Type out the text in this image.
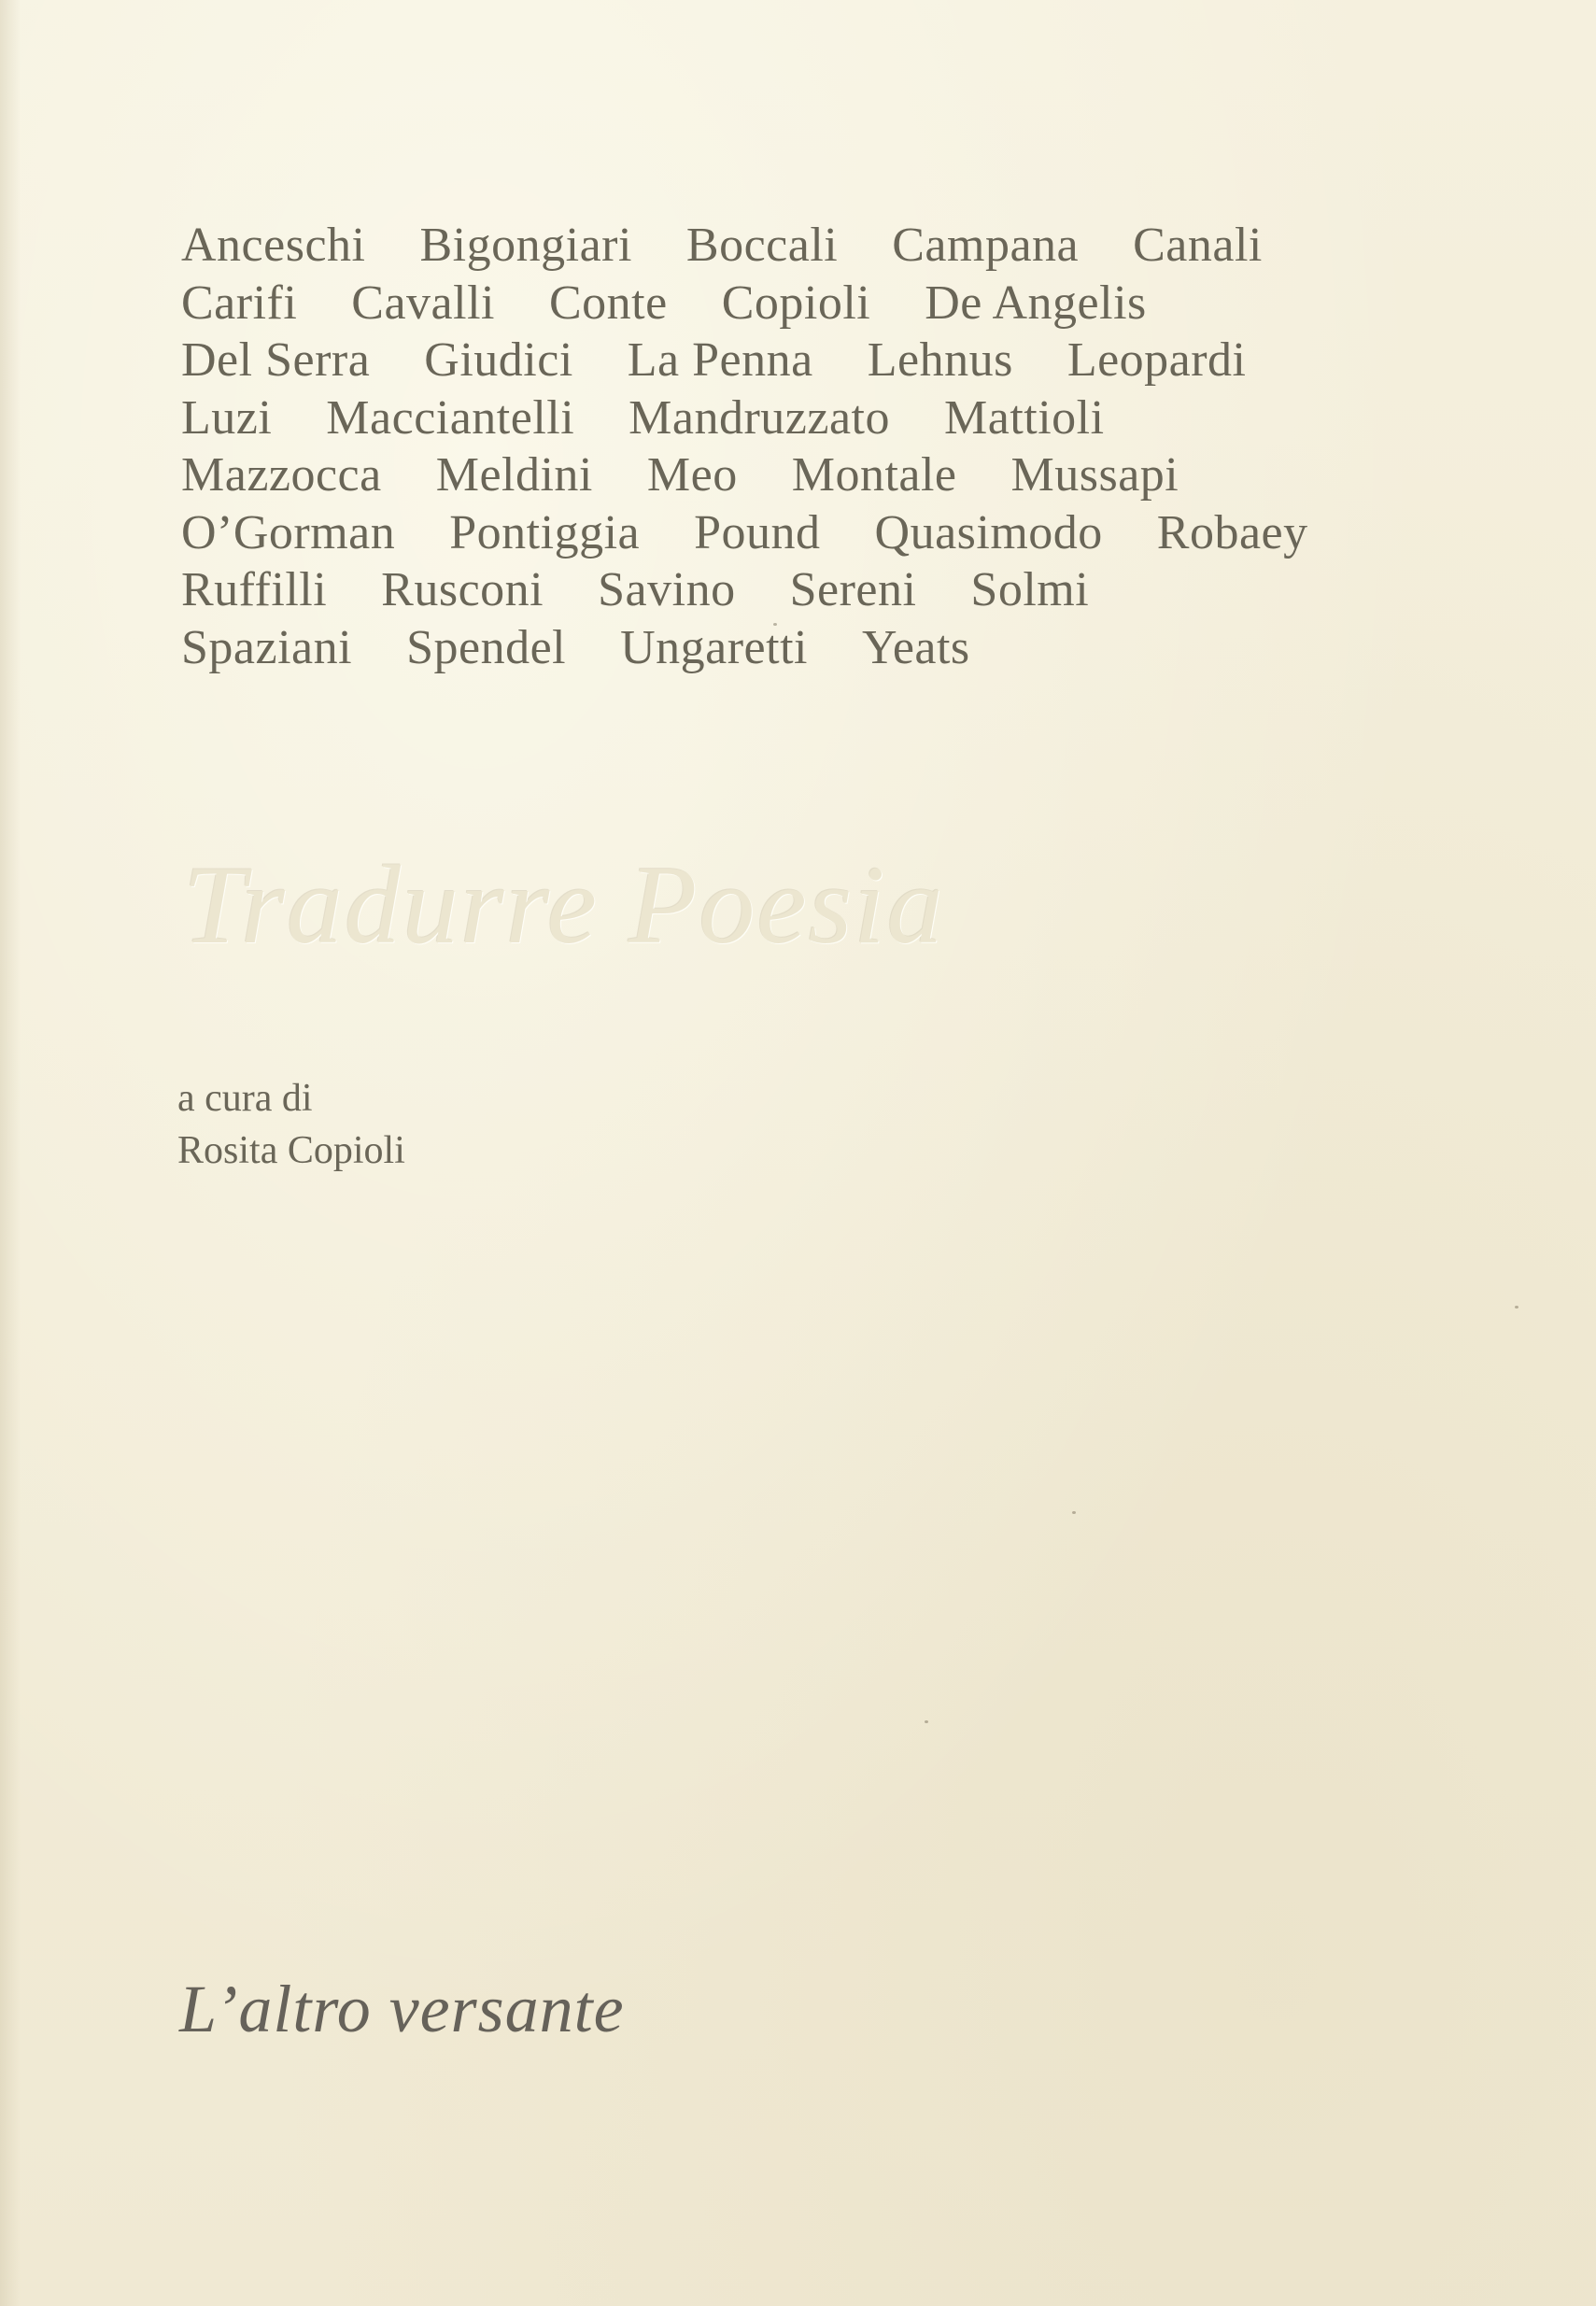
Anceschi Bigongiari Boccali Campana Canali
Carifi Cavalli Conte Copioli De Angelis
Del Serra Giudici La Penna Lehnus Leopardi
Luzi Macciantelli Mandruzzato Mattioli
Mazzocca Meldini Meo Montale Mussapi
O’Gorman Pontiggia Pound Quasimodo Robaey
Ruffilli Rusconi Savino Sereni Solmi
Spaziani Spendel Ungaretti Yeats
Tradurre Poesia
a cura di
Rosita Copioli
L’altro versante
